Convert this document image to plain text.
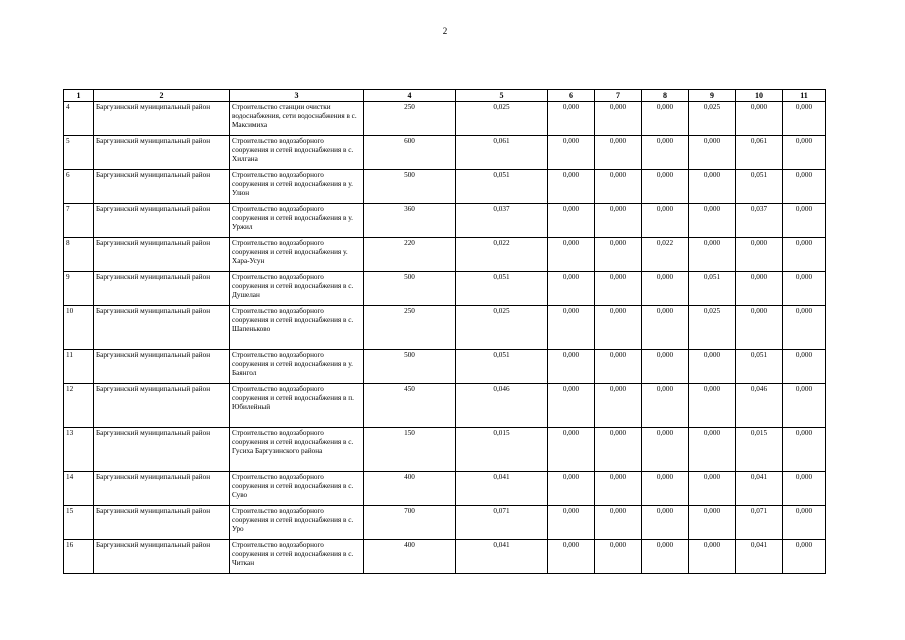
2
1	2	3	4	5	6	7	8	9	10	11
4	Баргузинский муниципальный район	Строительство станции очистки водоснабжения, сети водоснабжения в с. Максимиха	250	0,025	0,000	0,000	0,000	0,025	0,000	0,000
5	Баргузинский муниципальный район	Строительство водозаборного сооружения и сетей водоснабжения в с. Хилгана	600	0,061	0,000	0,000	0,000	0,000	0,061	0,000
6	Баргузинский муниципальный район	Строительство водозаборного сооружения и сетей водоснабжения в у. Улюн	500	0,051	0,000	0,000	0,000	0,000	0,051	0,000
7	Баргузинский муниципальный район	Строительство водозаборного сооружения и сетей водоснабжения в у. Уржил	360	0,037	0,000	0,000	0,000	0,000	0,037	0,000
8	Баргузинский муниципальный район	Строительство водозаборного сооружения и сетей водоснабжения у. Хара-Усун	220	0,022	0,000	0,000	0,022	0,000	0,000	0,000
9	Баргузинский муниципальный район	Строительство водозаборного сооружения и сетей водоснабжения в с. Душелан	500	0,051	0,000	0,000	0,000	0,051	0,000	0,000
10	Баргузинский муниципальный район	Строительство водозаборного сооружения и сетей водоснабжения в с. Шапеньково	250	0,025	0,000	0,000	0,000	0,025	0,000	0,000
11	Баргузинский муниципальный район	Строительство водозаборного сооружения и сетей водоснабжения в у. Баянгол	500	0,051	0,000	0,000	0,000	0,000	0,051	0,000
12	Баргузинский муниципальный район	Строительство водозаборного сооружения и сетей водоснабжения в п. Юбилейный	450	0,046	0,000	0,000	0,000	0,000	0,046	0,000
13	Баргузинский муниципальный район	Строительство водозаборного сооружения и сетей водоснабжения в с. Гусиха Баргузинского района	150	0,015	0,000	0,000	0,000	0,000	0,015	0,000
14	Баргузинский муниципальный район	Строительство водозаборного сооружения и сетей водоснабжения в с. Суво	400	0,041	0,000	0,000	0,000	0,000	0,041	0,000
15	Баргузинский муниципальный район	Строительство водозаборного сооружения и сетей водоснабжения в с. Уро	700	0,071	0,000	0,000	0,000	0,000	0,071	0,000
16	Баргузинский муниципальный район	Строительство водозаборного сооружения и сетей водоснабжения в с. Читкан	400	0,041	0,000	0,000	0,000	0,000	0,041	0,000
